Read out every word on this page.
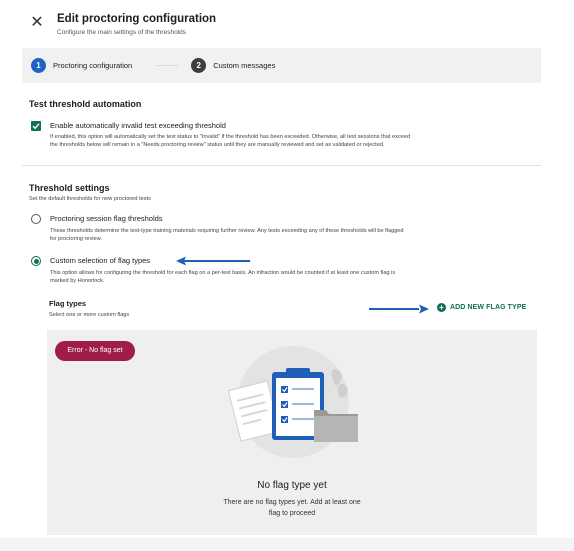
✕ Edit proctoring configuration
Configure the main settings of the thresholds
1	Proctoring configuration	2	Custom messages
Test threshold automation
Enable automatically invalid test exceeding threshold
If enabled, this option will automatically set the test status to "Invalid" if the threshold has been exceeded. Otherwise, all test sessions that exceed
the thresholds below will remain in a "Needs proctoring review" status until they are manually reviewed and set as validated or rejected.
Threshold settings
Set the default thresholds for new proctored tests
Proctoring session flag thresholds
These thresholds determine the test-type training materials requiring further review. Any tests exceeding any of these thresholds will be flagged
for proctoring review.
Custom selection of flag types
This option allows for configuring the threshold for each flag on a per-test basis. An infraction would be counted if at least one custom flag is
marked by Honorlock.
Flag types
Select one or more custom flags
+ ADD NEW FLAG TYPE
Error - No flag set
No flag type yet
There are no flag types yet. Add at least one
flag to proceed
